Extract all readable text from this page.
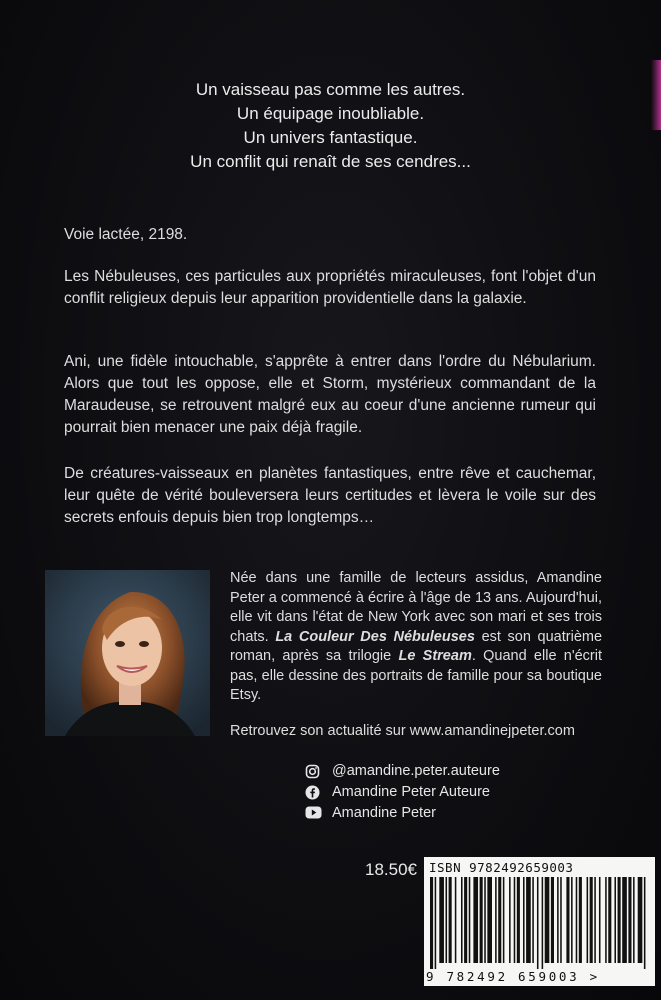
Un vaisseau pas comme les autres.
Un équipage inoubliable.
Un univers fantastique.
Un conflit qui renaît de ses cendres...
Voie lactée, 2198.
Les Nébuleuses, ces particules aux propriétés miraculeuses, font l'objet d'un conflit religieux depuis leur apparition providentielle dans la galaxie.
Ani, une fidèle intouchable, s'apprête à entrer dans l'ordre du Nébularium. Alors que tout les oppose, elle et Storm, mystérieux commandant de la Maraudeuse, se retrouvent malgré eux au coeur d'une ancienne rumeur qui pourrait bien menacer une paix déjà fragile.
De créatures-vaisseaux en planètes fantastiques, entre rêve et cauchemar, leur quête de vérité bouleversera leurs certitudes et lèvera le voile sur des secrets enfouis depuis bien trop longtemps…
Née dans une famille de lecteurs assidus, Amandine Peter a commencé à écrire à l'âge de 13 ans. Aujourd'hui, elle vit dans l'état de New York avec son mari et ses trois chats. La Couleur Des Nébuleuses est son quatrième roman, après sa trilogie Le Stream. Quand elle n'écrit pas, elle dessine des portraits de famille pour sa boutique Etsy.
Retrouvez son actualité sur www.amandinejpeter.com
@amandine.peter.auteure
Amandine Peter Auteure
Amandine Peter
18.50€ ISBN 9782492659003
9 782492 659003 >
